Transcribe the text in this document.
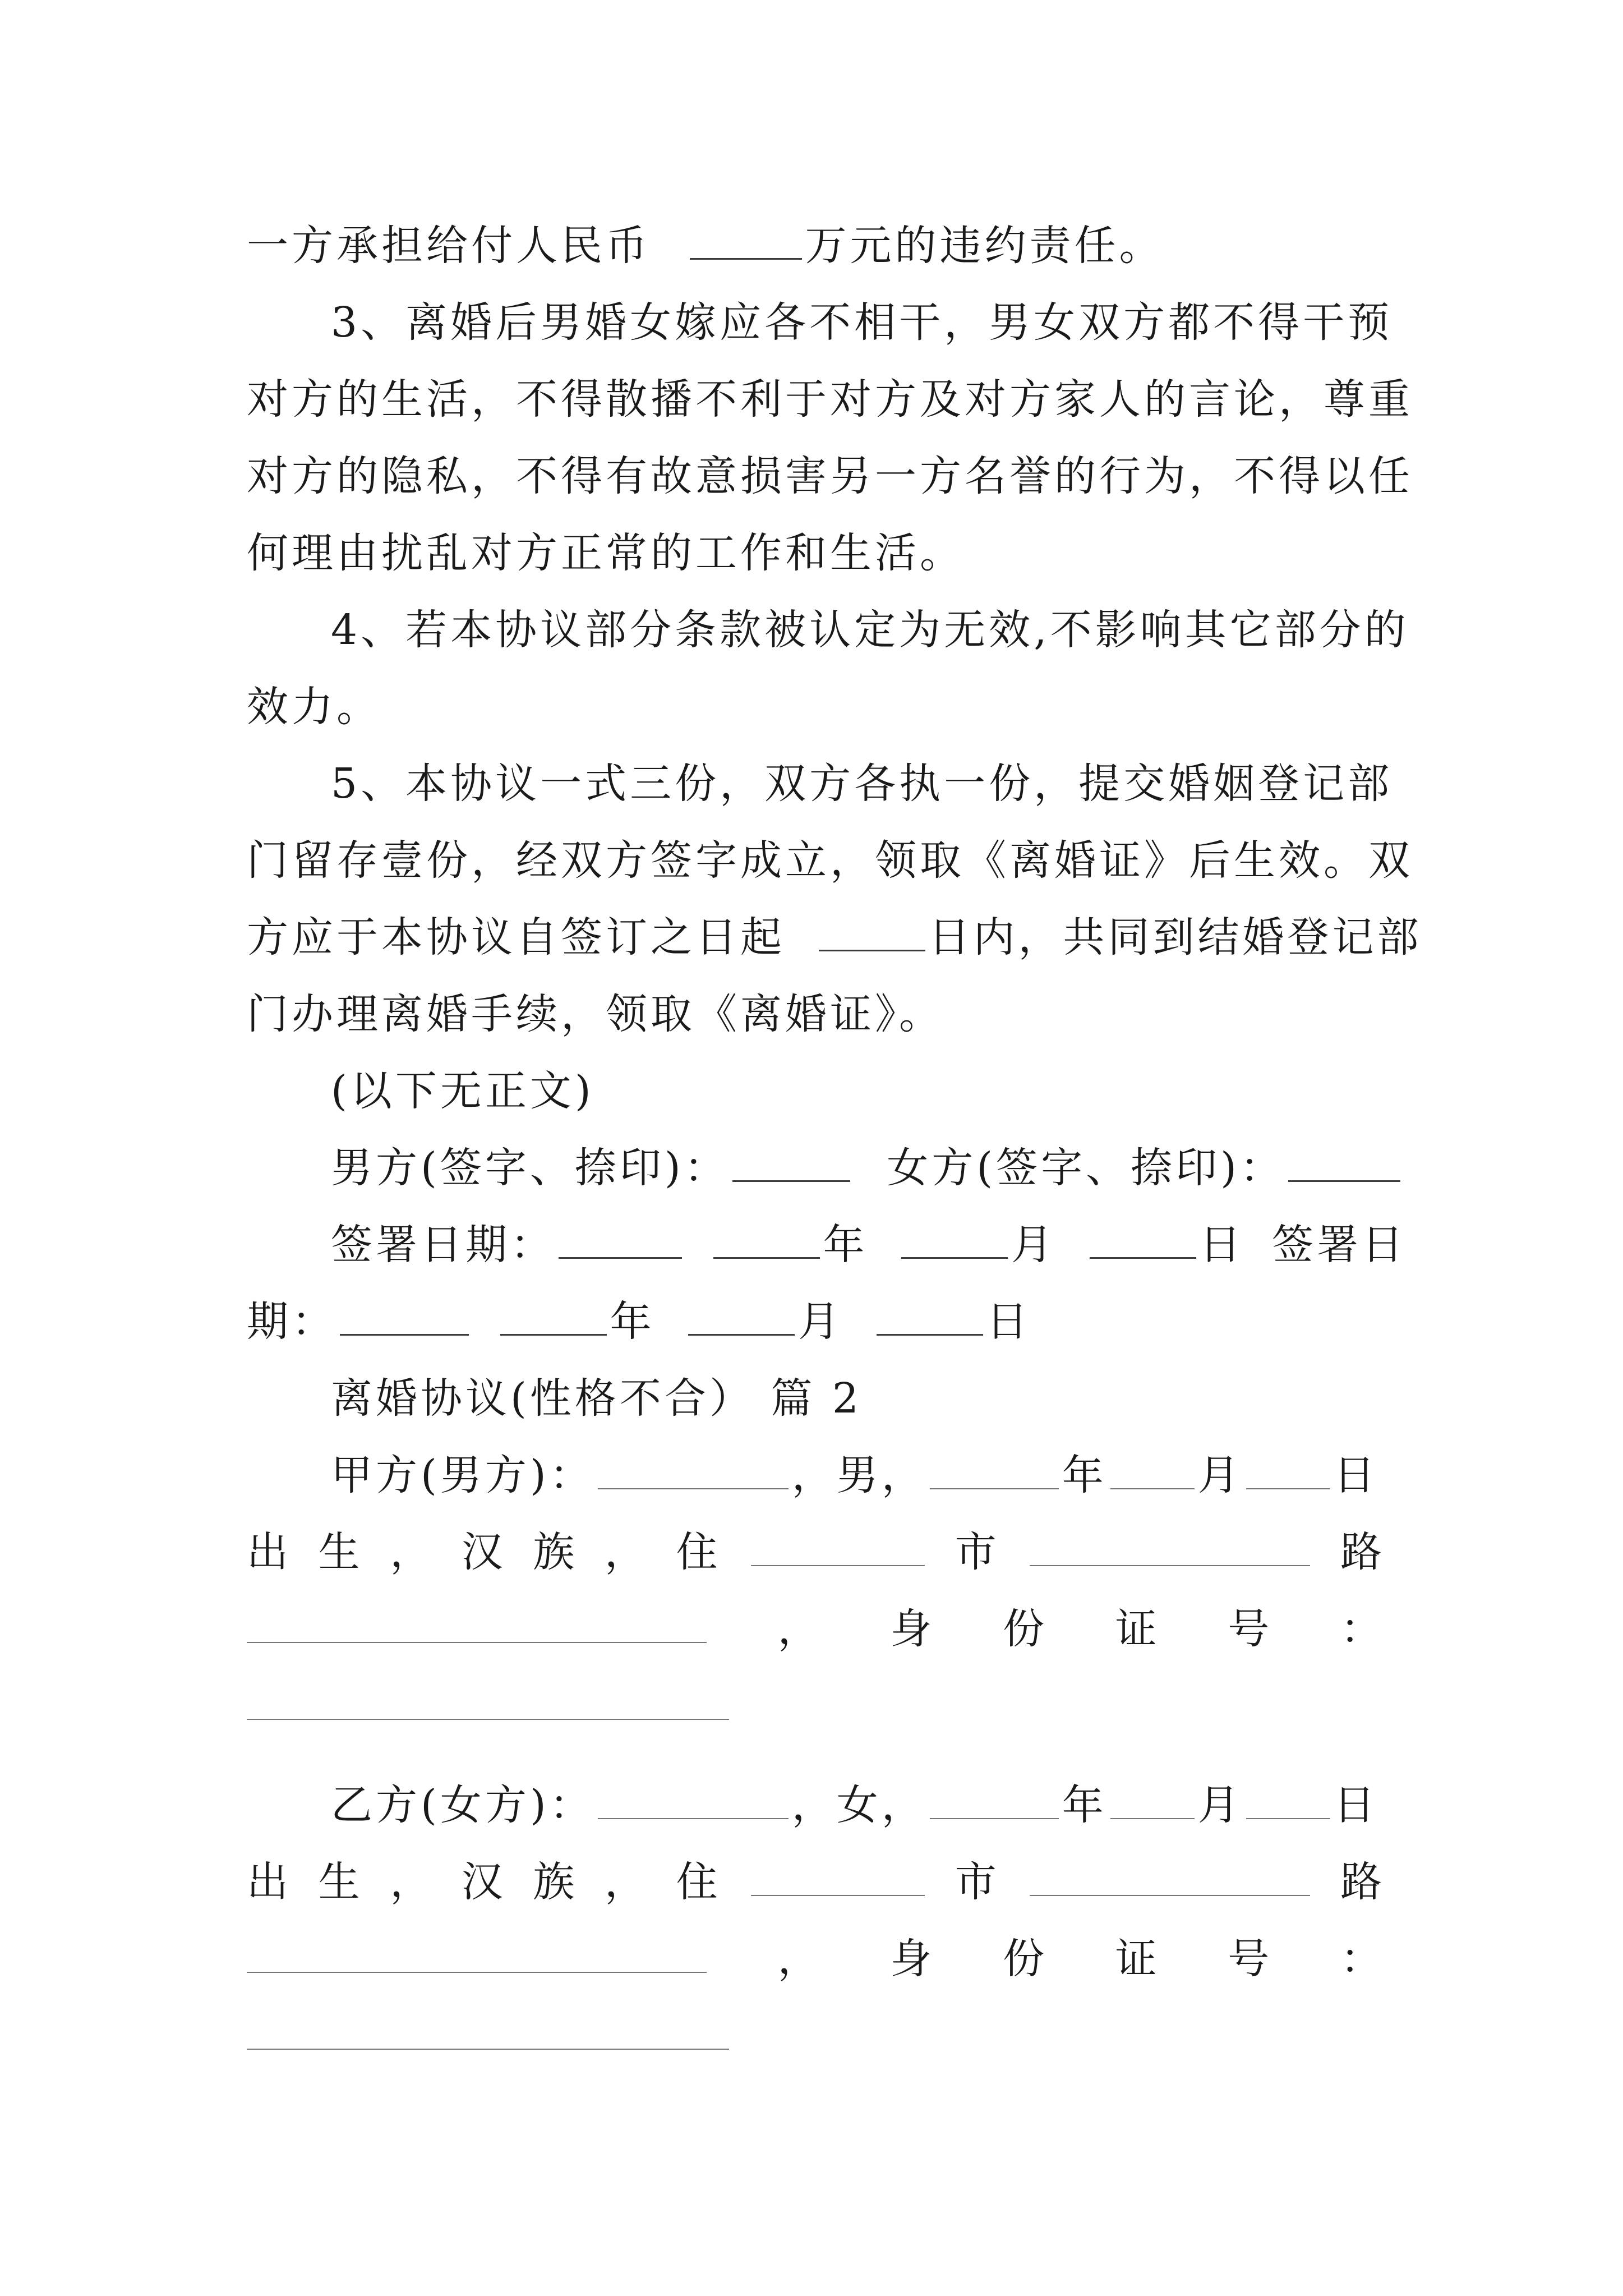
一方承担给付人民币	万元的违约责任。
3、离婚后男婚女嫁应各不相干，男女双方都不得干预
对方的生活，不得散播不利于对方及对方家人的言论，尊重
对方的隐私，不得有故意损害另一方名誉的行为，不得以任
何理由扰乱对方正常的工作和生活。
4、若本协议部分条款被认定为无效,不影响其它部分的
效力。
5、本协议一式三份，双方各执一份，提交婚姻登记部
门留存壹份，经双方签字成立，领取《离婚证》后生效。双
方应于本协议自签订之日起	日内，共同到结婚登记部
门办理离婚手续，领取《离婚证》。
(以下无正文)
男方(签字、捺印)：	女方(签字、捺印)：
签署日期：	年	月	日 签署日
期：	年	月	日
离婚协议(性格不合） 篇 2
甲方(男方)：	，男，	年 月 日
出 生 ， 汉 族 ， 住	市	路
， 身 份 证 号 ：
乙方(女方)：	，女，	年 月 日
出 生 ， 汉 族 ， 住	市	路
， 身 份 证 号 ：
